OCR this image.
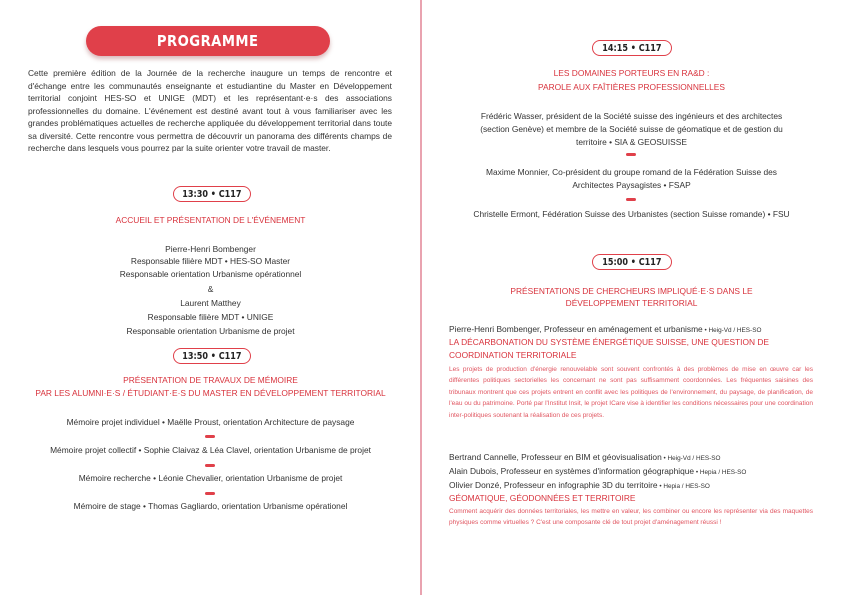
PROGRAMME
Cette première édition de la Journée de la recherche inaugure un temps de rencontre et d'échange entre les communautés enseignante et estudiantine du Master en Développement territorial conjoint HES-SO et UNIGE (MDT) et les représentant·e·s des associations professionnelles du domaine. L'événement est destiné avant tout à vous familiariser avec les grandes problématiques actuelles de recherche appliquée du développement territorial dans toute sa diversité. Cette rencontre vous permettra de découvrir un panorama des différents champs de recherche dans lesquels vous pourrez par la suite orienter votre travail de master.
13:30 • C117
ACCUEIL ET PRÉSENTATION DE L'ÉVÉNEMENT
Pierre-Henri Bombenger
Responsable filière MDT • HES-SO Master
Responsable orientation Urbanisme opérationnel
&
Laurent Matthey
Responsable filière MDT • UNIGE
Responsable orientation Urbanisme de projet
13:50 • C117
PRÉSENTATION DE TRAVAUX DE MÉMOIRE
PAR LES ALUMNI·E·S / ÉTUDIANT·E·S DU MASTER EN DÉVELOPPEMENT TERRITORIAL
Mémoire projet individuel • Maëlle Proust, orientation Architecture de paysage
Mémoire projet collectif • Sophie Claivaz & Léa Clavel, orientation Urbanisme de projet
Mémoire recherche • Léonie Chevalier, orientation Urbanisme de projet
Mémoire de stage • Thomas Gagliardo, orientation Urbanisme opérationel
14:15 • C117
LES DOMAINES PORTEURS EN RA&D :
PAROLE AUX FAÎTIÈRES PROFESSIONNELLES
Frédéric Wasser, président de la Société suisse des ingénieurs et des architectes
(section Genève) et membre de la Société suisse de géomatique et de gestion du
territoire • SIA & GEOSUISSE
Maxime Monnier, Co-président du groupe romand de la Fédération Suisse des
Architectes Paysagistes • FSAP
Christelle Ermont, Fédération Suisse des Urbanistes (section Suisse romande) • FSU
15:00 • C117
PRÉSENTATIONS DE CHERCHEURS IMPLIQUÉ·E·S DANS LE
DÉVELOPPEMENT TERRITORIAL
Pierre-Henri Bombenger, Professeur en aménagement et urbanisme • Heig-Vd / HES-SO
LA DÉCARBONATION DU SYSTÈME ÉNERGÉTIQUE SUISSE, UNE QUESTION DE
COORDINATION TERRITORIALE
Les projets de production d'énergie renouvelable sont souvent confrontés à des problèmes de mise en œuvre car les différentes politiques sectorielles les concernant ne sont pas suffisamment coordonnées. Les fréquentes saisines des tribunaux montrent que ces projets entrent en conflit avec les politiques de l'environnement, du paysage, de planification, de l'eau ou du patrimoine. Porté par l'Institut Insit, le projet ICare vise à identifier les conditions nécessaires pour une coordination inter-politiques soutenant la réalisation de ces projets.
Bertrand Cannelle, Professeur en BIM et géovisualisation • Heig-Vd / HES-SO
Alain Dubois, Professeur en systèmes d'information géographique • Hepia / HES-SO
Olivier Donzé, Professeur en infographie 3D du territoire • Hepia / HES-SO
GÉOMATIQUE, GÉODONNÉES ET TERRITOIRE
Comment acquérir des données territoriales, les mettre en valeur, les combiner ou encore les représenter via des maquettes physiques comme virtuelles ? C'est une composante clé de tout projet d'aménagement réussi !
